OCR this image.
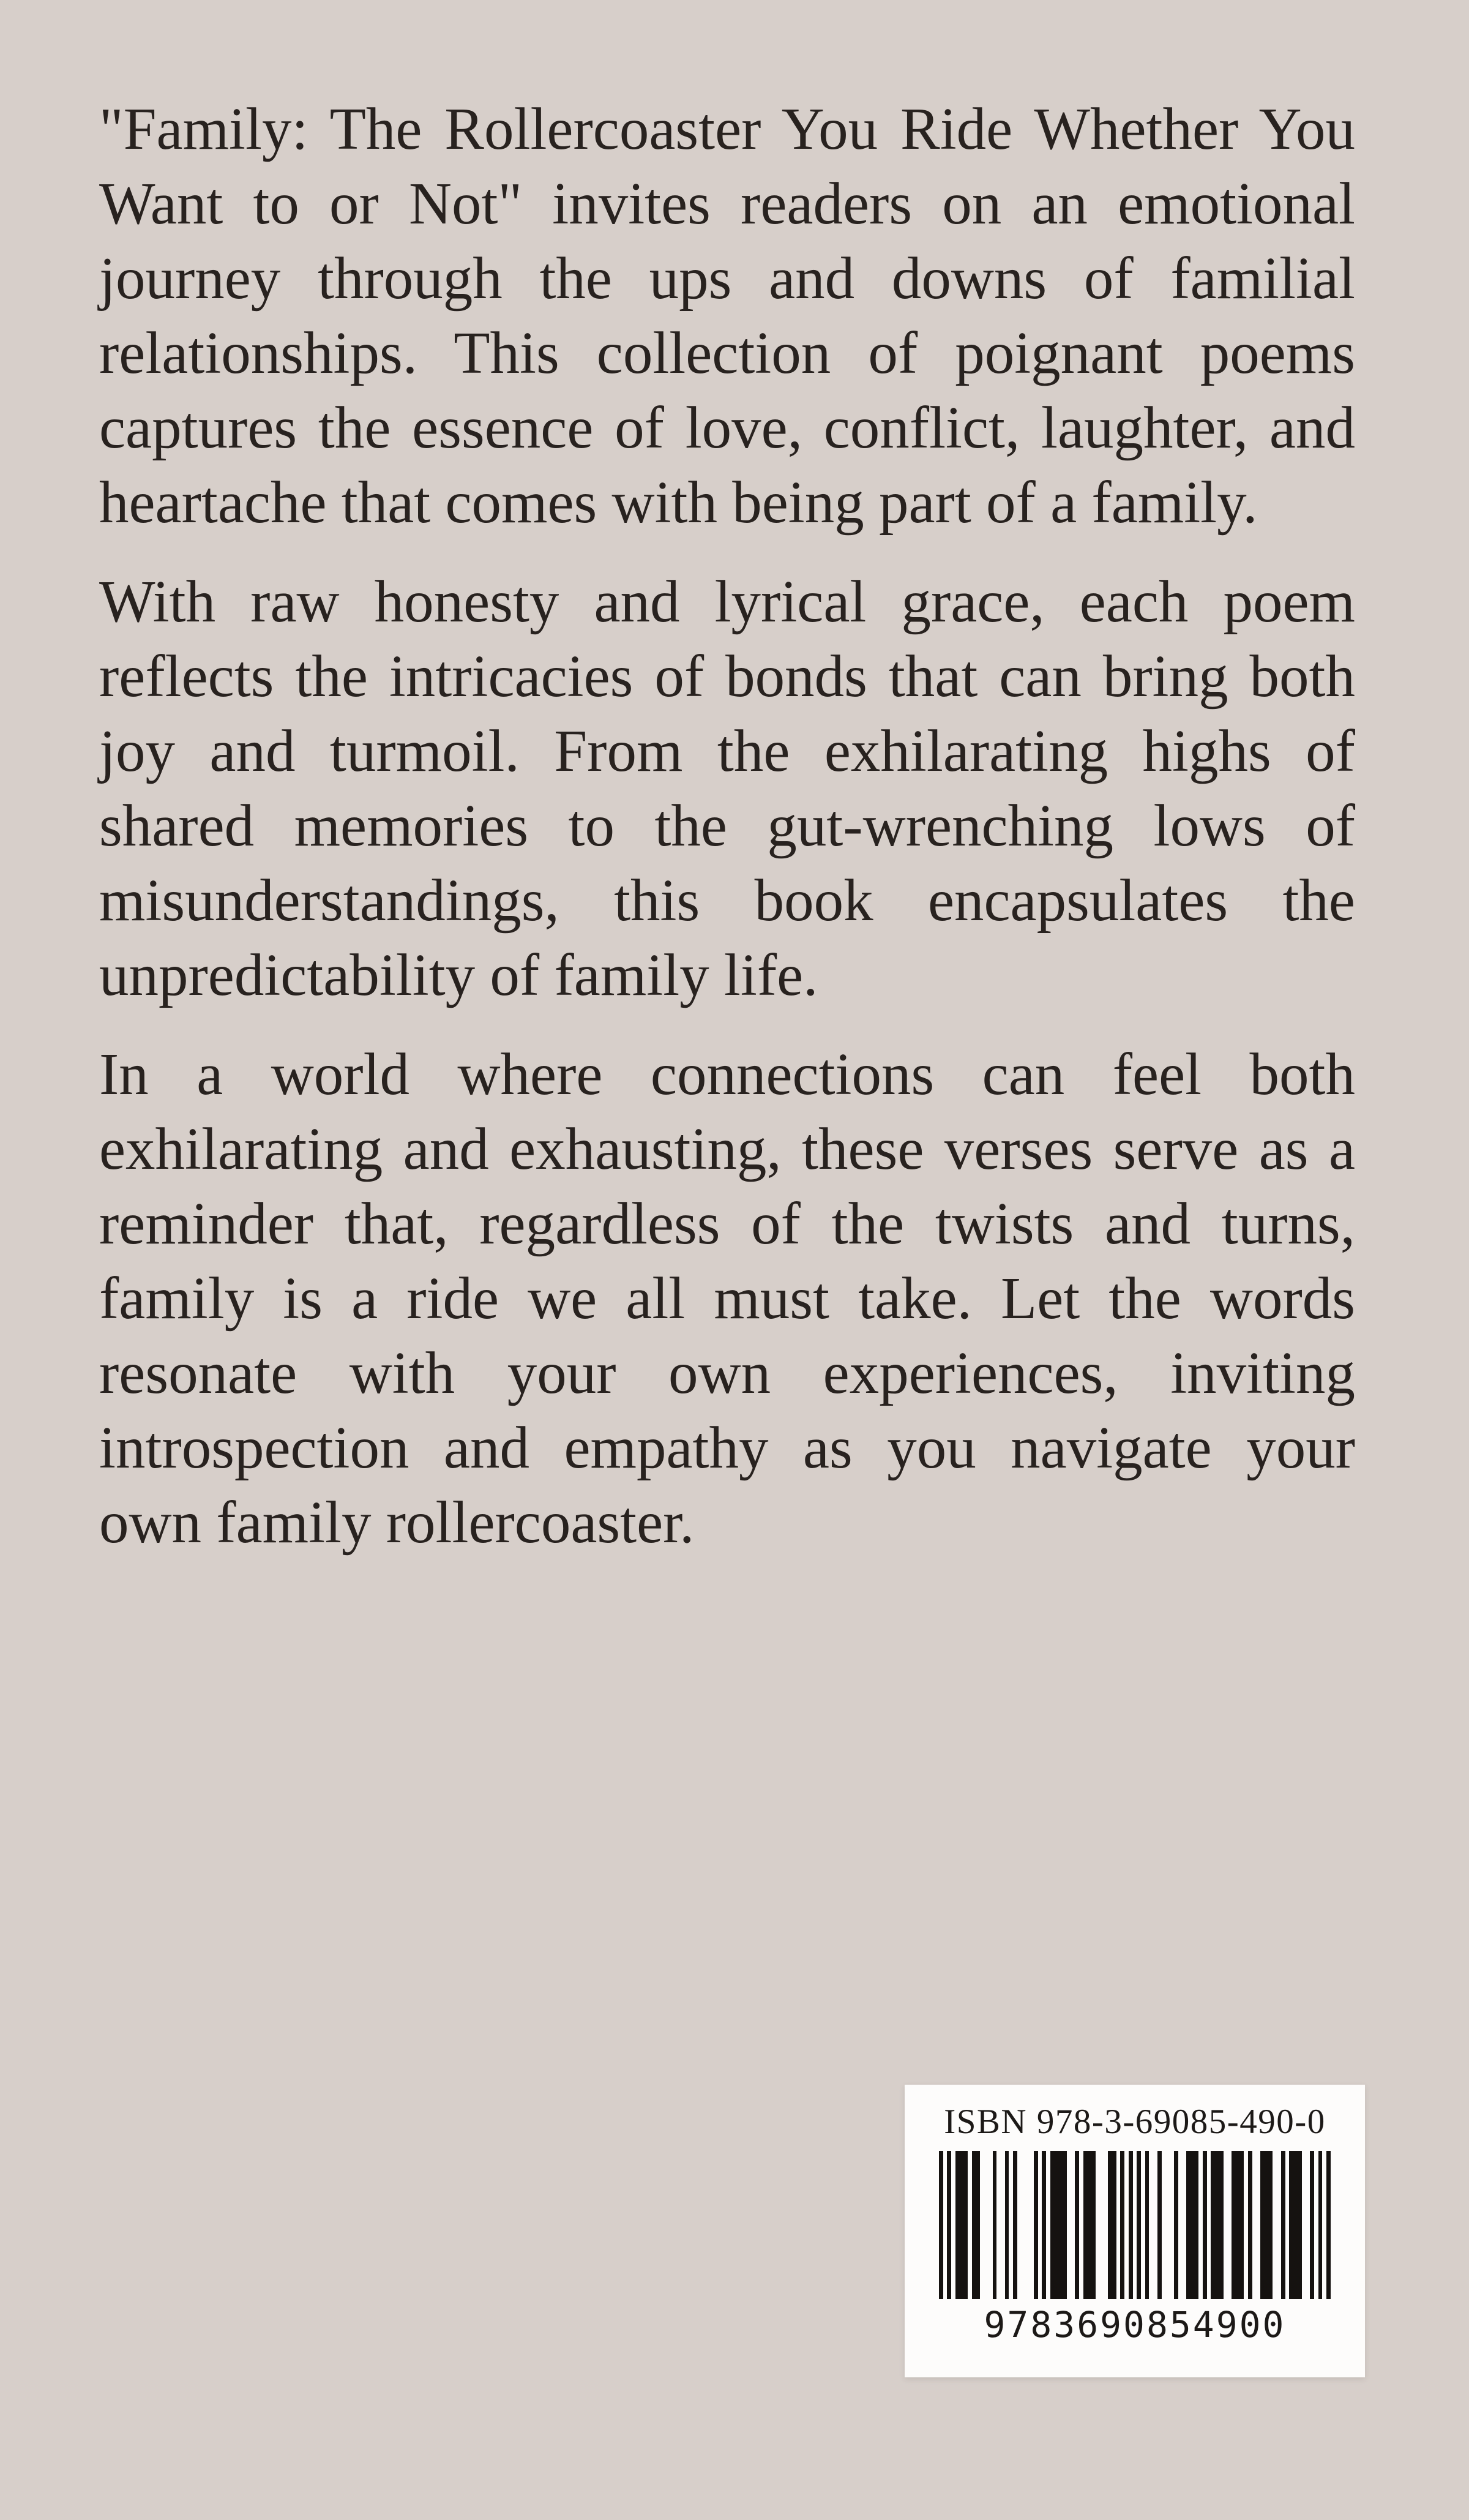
"Family: The Rollercoaster You Ride Whether You
Want to or Not" invites readers on an emotional
journey through the ups and downs of familial
relationships. This collection of poignant poems
captures the essence of love, conflict, laughter, and
heartache that comes with being part of a family.
With raw honesty and lyrical grace, each poem
reflects the intricacies of bonds that can bring both
joy and turmoil. From the exhilarating highs of
shared memories to the gut-wrenching lows of
misunderstandings, this book encapsulates the
unpredictability of family life.
In a world where connections can feel both
exhilarating and exhausting, these verses serve as a
reminder that, regardless of the twists and turns,
family is a ride we all must take. Let the words
resonate with your own experiences, inviting
introspection and empathy as you navigate your
own family rollercoaster.
ISBN 978-3-69085-490-0
9783690854900
